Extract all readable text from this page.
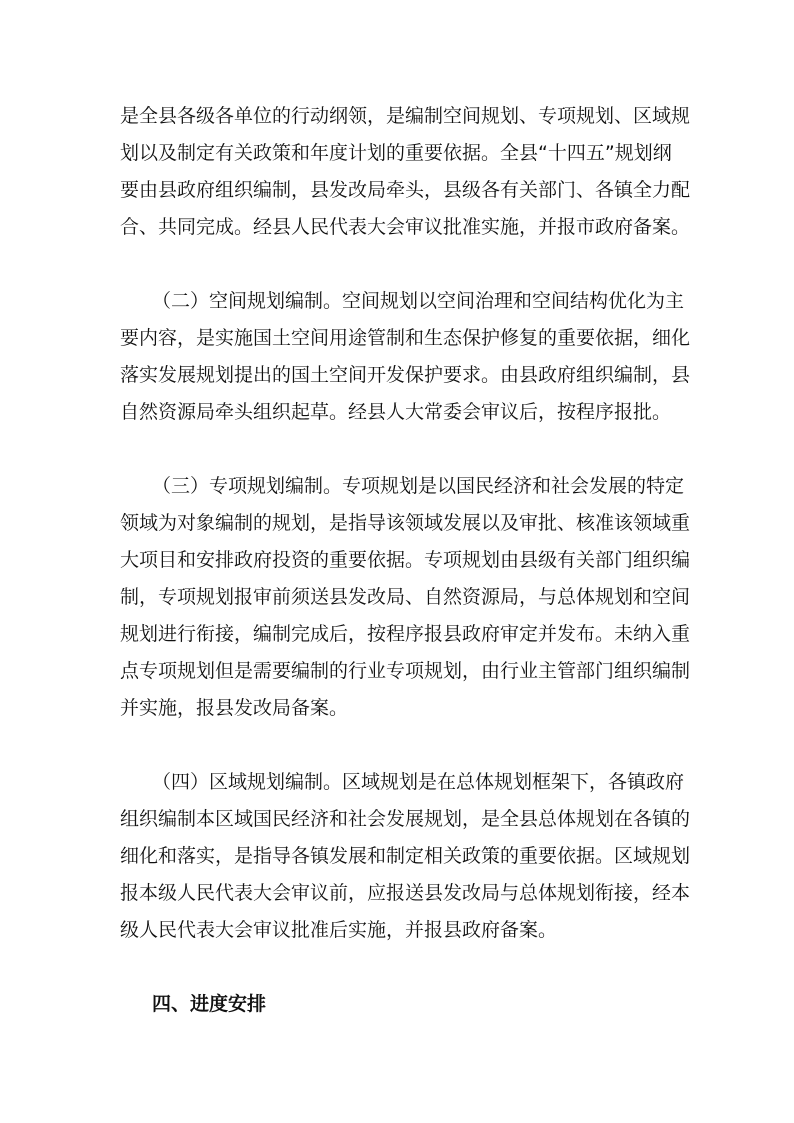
是全县各级各单位的行动纲领，是编制空间规划、专项规划、区域规
划以及制定有关政策和年度计划的重要依据。全县“十四五”规划纲
要由县政府组织编制，县发改局牵头，县级各有关部门、各镇全力配
合、共同完成。经县人民代表大会审议批准实施，并报市政府备案。
（二）空间规划编制。空间规划以空间治理和空间结构优化为主
要内容，是实施国土空间用途管制和生态保护修复的重要依据，细化
落实发展规划提出的国土空间开发保护要求。由县政府组织编制，县
自然资源局牵头组织起草。经县人大常委会审议后，按程序报批。
（三）专项规划编制。专项规划是以国民经济和社会发展的特定
领域为对象编制的规划，是指导该领域发展以及审批、核准该领域重
大项目和安排政府投资的重要依据。专项规划由县级有关部门组织编
制，专项规划报审前须送县发改局、自然资源局，与总体规划和空间
规划进行衔接，编制完成后，按程序报县政府审定并发布。未纳入重
点专项规划但是需要编制的行业专项规划，由行业主管部门组织编制
并实施，报县发改局备案。
（四）区域规划编制。区域规划是在总体规划框架下，各镇政府
组织编制本区域国民经济和社会发展规划，是全县总体规划在各镇的
细化和落实，是指导各镇发展和制定相关政策的重要依据。区域规划
报本级人民代表大会审议前，应报送县发改局与总体规划衔接，经本
级人民代表大会审议批准后实施，并报县政府备案。
四、进度安排
